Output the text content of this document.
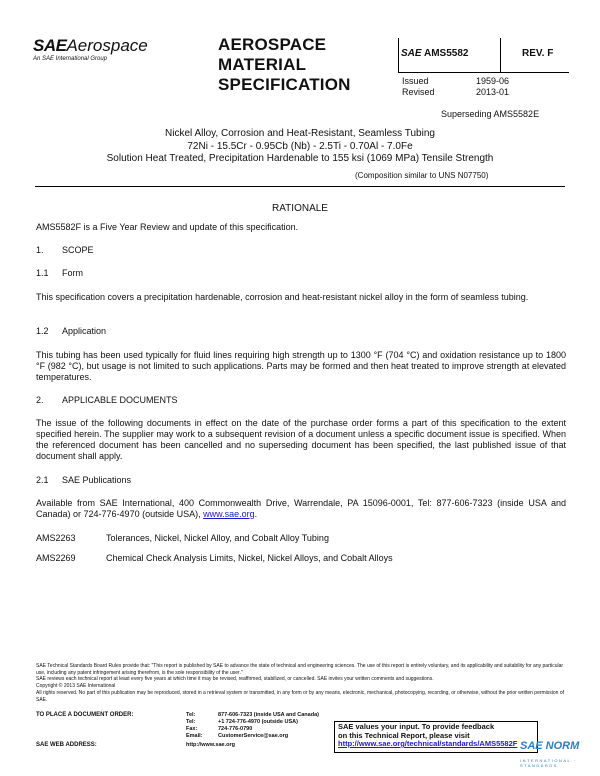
SAEAerospace
An SAE International Group
AEROSPACE
MATERIAL
SPECIFICATION
SAE AMS5582	REV. F
Issued	1959-06
Revised	2013-01
Superseding AMS5582E
Nickel Alloy, Corrosion and Heat-Resistant, Seamless Tubing
72Ni - 15.5Cr - 0.95Cb (Nb) - 2.5Ti - 0.70Al - 7.0Fe
Solution Heat Treated, Precipitation Hardenable to 155 ksi (1069 MPa) Tensile Strength
(Composition similar to UNS N07750)
RATIONALE
AMS5582F is a Five Year Review and update of this specification.
1. SCOPE
1.1 Form
This specification covers a precipitation hardenable, corrosion and heat-resistant nickel alloy in the form of seamless tubing.
1.2 Application
This tubing has been used typically for fluid lines requiring high strength up to 1300 °F (704 °C) and oxidation resistance up to 1800 °F (982 °C), but usage is not limited to such applications. Parts may be formed and then heat treated to improve strength at elevated temperatures.
2. APPLICABLE DOCUMENTS
The issue of the following documents in effect on the date of the purchase order forms a part of this specification to the extent specified herein. The supplier may work to a subsequent revision of a document unless a specific document issue is specified. When the referenced document has been cancelled and no superseding document has been specified, the last published issue of that document shall apply.
2.1 SAE Publications
Available from SAE International, 400 Commonwealth Drive, Warrendale, PA 15096-0001, Tel: 877-606-7323 (inside USA and Canada) or 724-776-4970 (outside USA), www.sae.org.
AMS2263	Tolerances, Nickel, Nickel Alloy, and Cobalt Alloy Tubing
AMS2269	Chemical Check Analysis Limits, Nickel, Nickel Alloys, and Cobalt Alloys
SAE Technical Standards Board Rules provide that: "This report is published by SAE to advance the state of technical and engineering sciences. The use of this report is entirely voluntary, and its applicability and suitability for any particular use, including any patent infringement arising therefrom, is the sole responsibility of the user."
SAE reviews each technical report at least every five years at which time it may be revised, reaffirmed, stabilized, or cancelled. SAE invites your written comments and suggestions.
Copyright © 2013 SAE International
All rights reserved. No part of this publication may be reproduced, stored in a retrieval system or transmitted, in any form or by any means, electronic, mechanical, photocopying, recording, or otherwise, without the prior written permission of SAE.
TO PLACE A DOCUMENT ORDER:	Tel:	877-606-7323 (inside USA and Canada)
Tel:	+1 724-776-4970 (outside USA)
Fax:	724-776-0790
Email:	CustomerService@sae.org
SAE WEB ADDRESS:	http://www.sae.org
SAE values your input. To provide feedback
on this Technical Report, please visit
http://www.sae.org/technical/standards/AMS5582F SAE NORM
INTERNATIONAL · STANDARDS
